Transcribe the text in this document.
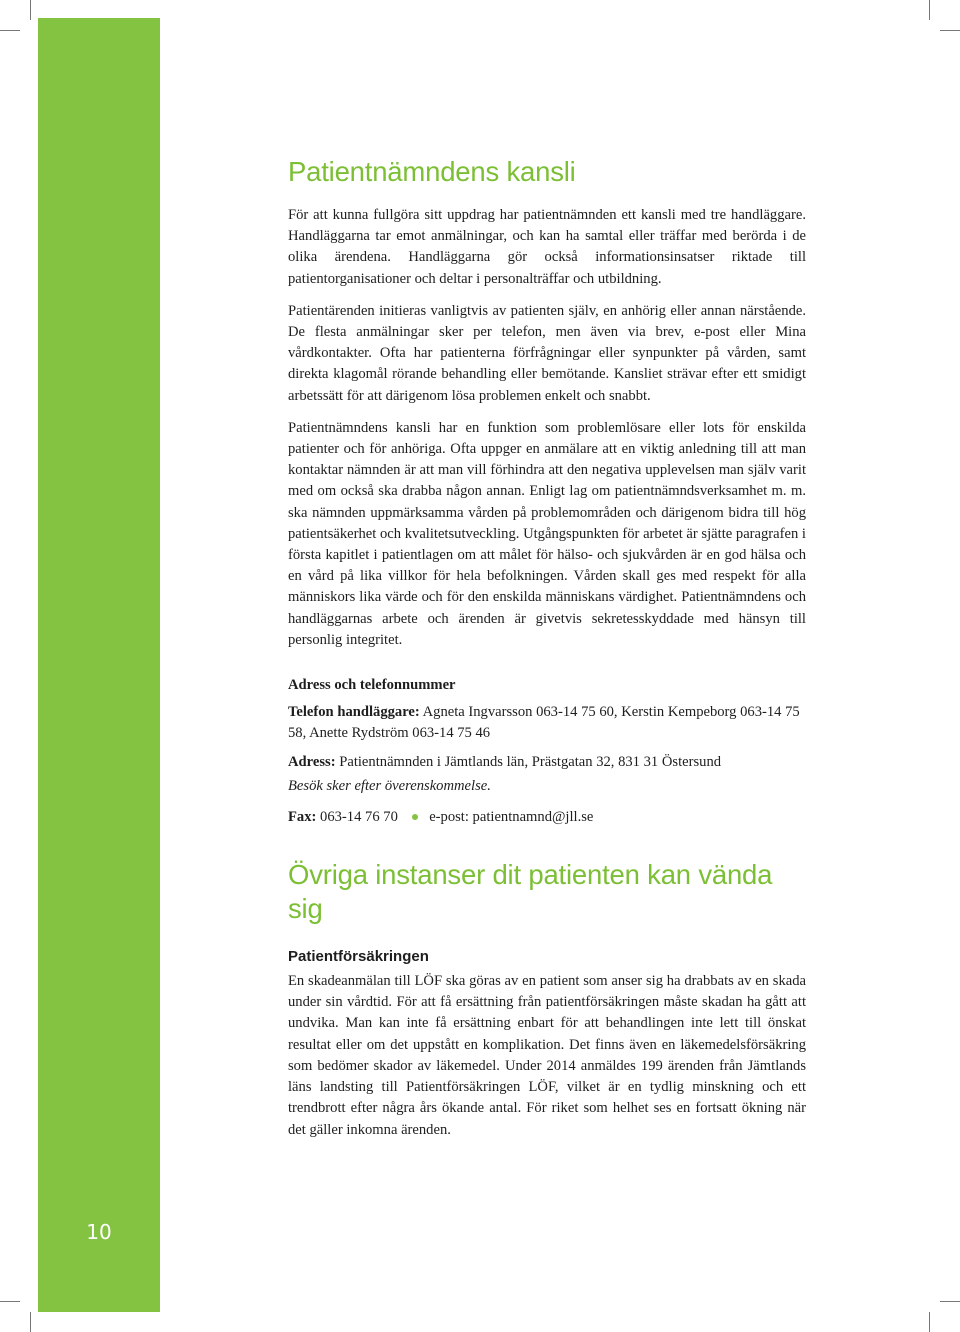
10
Patientnämndens kansli

För att kunna fullgöra sitt uppdrag har patientnämnden ett kansli med tre handläggare. Handläggarna tar emot anmälningar, och kan ha samtal eller träffar med berörda i de olika ärendena. Handläggarna gör också informationsinsatser riktade till patientorganisationer och deltar i personalträffar och utbildning.

Patientärenden initieras vanligtvis av patienten själv, en anhörig eller annan närstående. De flesta anmälningar sker per telefon, men även via brev, e-post eller Mina vårdkontakter. Ofta har patienterna förfrågningar eller synpunkter på vården, samt direkta klagomål rörande behandling eller bemötande. Kansliet strävar efter ett smidigt arbetssätt för att därigenom lösa problemen enkelt och snabbt.

Patientnämndens kansli har en funktion som problemlösare eller lots för enskilda patienter och för anhöriga. Ofta uppger en anmälare att en viktig anledning till att man kontaktar nämnden är att man vill förhindra att den negativa upplevelsen man själv varit med om också ska drabba någon annan. Enligt lag om patientnämndsverksamhet m. m. ska nämnden uppmärksamma vården på problemområden och därigenom bidra till hög patientsäkerhet och kvalitetsutveckling. Utgångspunkten för arbetet är sjätte paragrafen i första kapitlet i patientlagen om att målet för hälso- och sjukvården är en god hälsa och en vård på lika villkor för hela befolkningen. Vården skall ges med respekt för alla människors lika värde och för den enskilda människans värdighet. Patientnämndens och handläggarnas arbete och ärenden är givetvis sekretesskyddade med hänsyn till personlig integritet.

Adress och telefonnummer
Telefon handläggare: Agneta Ingvarsson 063-14 75 60, Kerstin Kempeborg 063-14 75 58, Anette Rydström 063-14 75 46
Adress: Patientnämnden i Jämtlands län, Prästgatan 32, 831 31 Östersund
Besök sker efter överenskommelse.
Fax: 063-14 76 70 e-post: patientnamnd@jll.se
Övriga instanser dit patienten kan vända sig
Patientförsäkringen

En skadeanmälan till LÖF ska göras av en patient som anser sig ha drabbats av en skada under sin vårdtid. För att få ersättning från patientförsäkringen måste skadan ha gått att undvika. Man kan inte få ersättning enbart för att behandlingen inte lett till önskat resultat eller om det uppstått en komplikation. Det finns även en läkemedelsförsäkring som bedömer skador av läkemedel. Under 2014 anmäldes 199 ärenden från Jämtlands läns landsting till Patientförsäkringen LÖF, vilket är en tydlig minskning och ett trendbrott efter några års ökande antal. För riket som helhet ses en fortsatt ökning när det gäller inkomna ärenden.
